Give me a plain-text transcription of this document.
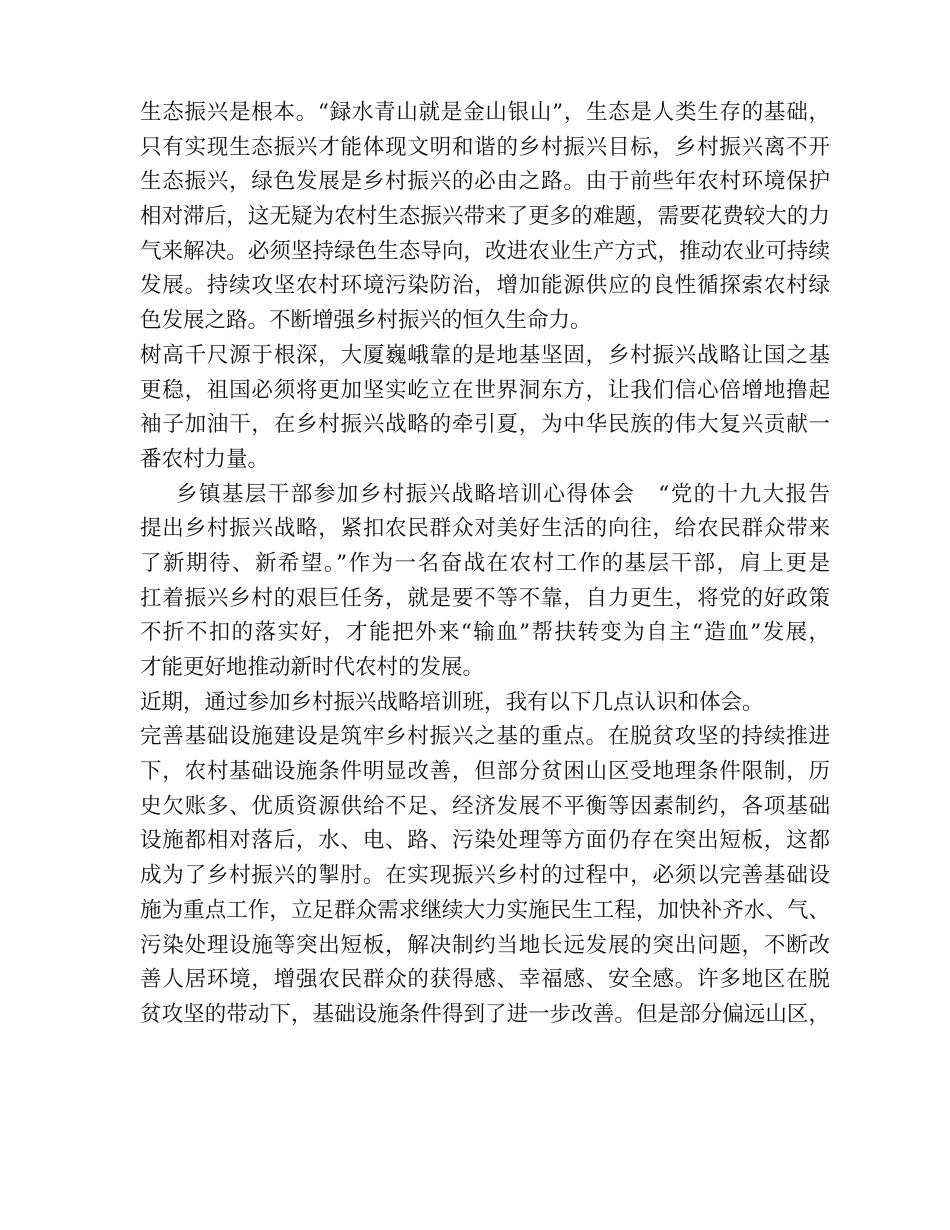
生态振兴是根本。“録水青山就是金山银山”，生态是人类生存的基础，
只有实现生态振兴才能体现文明和谐的乡村振兴目标，乡村振兴离不开
生态振兴，绿色发展是乡村振兴的必由之路。由于前些年农村环境保护
相对滞后，这无疑为农村生态振兴带来了更多的难题，需要花费较大的力
气来解决。必须坚持绿色生态导向，改进农业生产方式，推动农业可持续
发展。持续攻坚农村环境污染防治，增加能源供应的良性循探索农村绿
色发展之路。不断增强乡村振兴的恒久生命力。
树高千尺源于根深，大厦巍峨靠的是地基坚固，乡村振兴战略让国之基
更稳，祖国必须将更加坚实屹立在世界洞东方，让我们信心倍增地撸起
袖子加油干，在乡村振兴战略的牵引夏，为中华民族的伟大复兴贡献一
番农村力量。
乡镇基层干部参加乡村振兴战略培训心得体会　“党的十九大报告
提出乡村振兴战略，紧扣农民群众对美好生活的向往，给农民群众带来
了新期待、新希望。”作为一名奋战在农村工作的基层干部，肩上更是
扛着振兴乡村的艰巨任务，就是要不等不靠，自力更生，将党的好政策
不折不扣的落实好，才能把外来“输血”帮扶转变为自主“造血”发展，
才能更好地推动新时代农村的发展。
近期，通过参加乡村振兴战略培训班，我有以下几点认识和体会。
完善基础设施建设是筑牢乡村振兴之基的重点。在脱贫攻坚的持续推进
下，农村基础设施条件明显改善，但部分贫困山区受地理条件限制，历
史欠账多、优质资源供给不足、经济发展不平衡等因素制约，各项基础
设施都相对落后，水、电、路、污染处理等方面仍存在突出短板，这都
成为了乡村振兴的掣肘。在实现振兴乡村的过程中，必须以完善基础设
施为重点工作，立足群众需求继续大力实施民生工程，加快补齐水、气、
污染处理设施等突出短板，解决制约当地长远发展的突出问题，不断改
善人居环境，增强农民群众的获得感、幸福感、安全感。许多地区在脱
贫攻坚的带动下，基础设施条件得到了进一步改善。但是部分偏远山区，
